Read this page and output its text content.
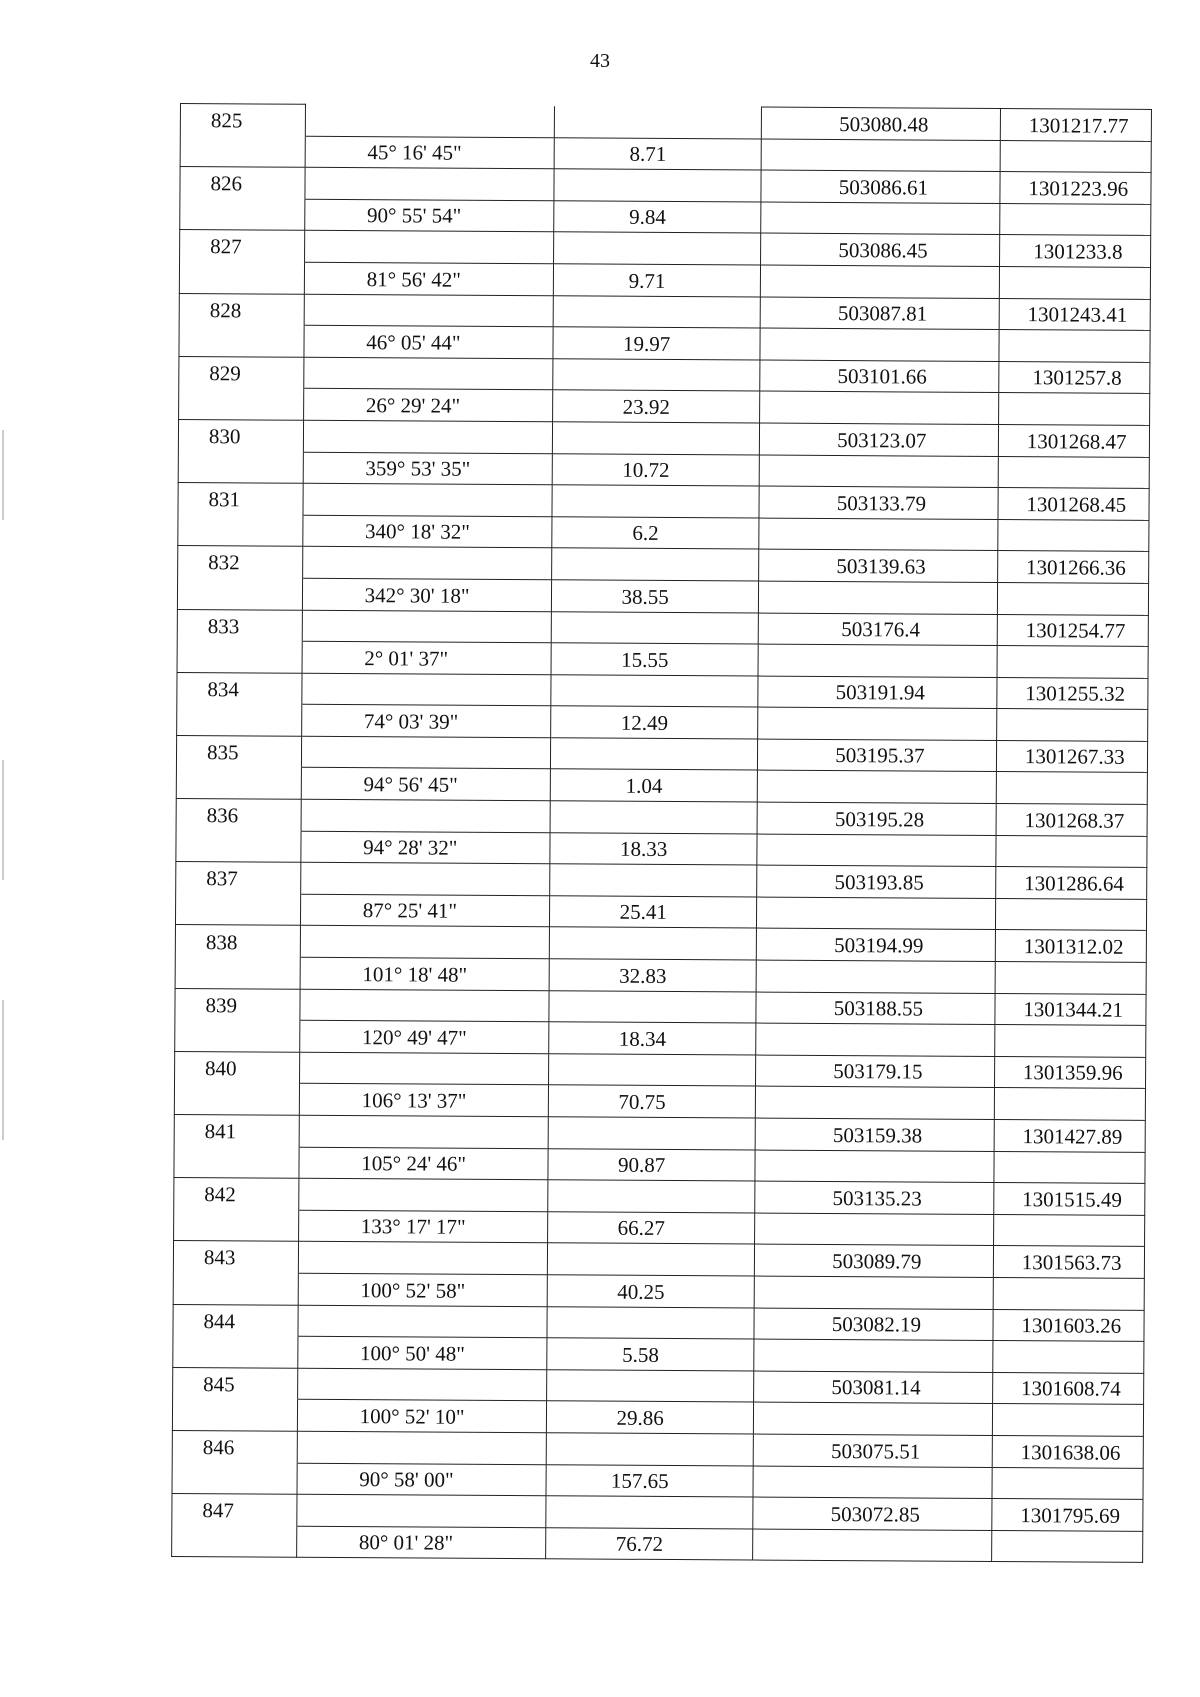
43
825			503080.48	1301217.77
	45° 16' 45"	8.71		
826			503086.61	1301223.96
	90° 55' 54"	9.84		
827			503086.45	1301233.8
	81° 56' 42"	9.71		
828			503087.81	1301243.41
	46° 05' 44"	19.97		
829			503101.66	1301257.8
	26° 29' 24"	23.92		
830			503123.07	1301268.47
	359° 53' 35"	10.72		
831			503133.79	1301268.45
	340° 18' 32"	6.2		
832			503139.63	1301266.36
	342° 30' 18"	38.55		
833			503176.4	1301254.77
	2° 01' 37"	15.55		
834			503191.94	1301255.32
	74° 03' 39"	12.49		
835			503195.37	1301267.33
	94° 56' 45"	1.04		
836			503195.28	1301268.37
	94° 28' 32"	18.33		
837			503193.85	1301286.64
	87° 25' 41"	25.41		
838			503194.99	1301312.02
	101° 18' 48"	32.83		
839			503188.55	1301344.21
	120° 49' 47"	18.34		
840			503179.15	1301359.96
	106° 13' 37"	70.75		
841			503159.38	1301427.89
	105° 24' 46"	90.87		
842			503135.23	1301515.49
	133° 17' 17"	66.27		
843			503089.79	1301563.73
	100° 52' 58"	40.25		
844			503082.19	1301603.26
	100° 50' 48"	5.58		
845			503081.14	1301608.74
	100° 52' 10"	29.86		
846			503075.51	1301638.06
	90° 58' 00"	157.65		
847			503072.85	1301795.69
	80° 01' 28"	76.72		
